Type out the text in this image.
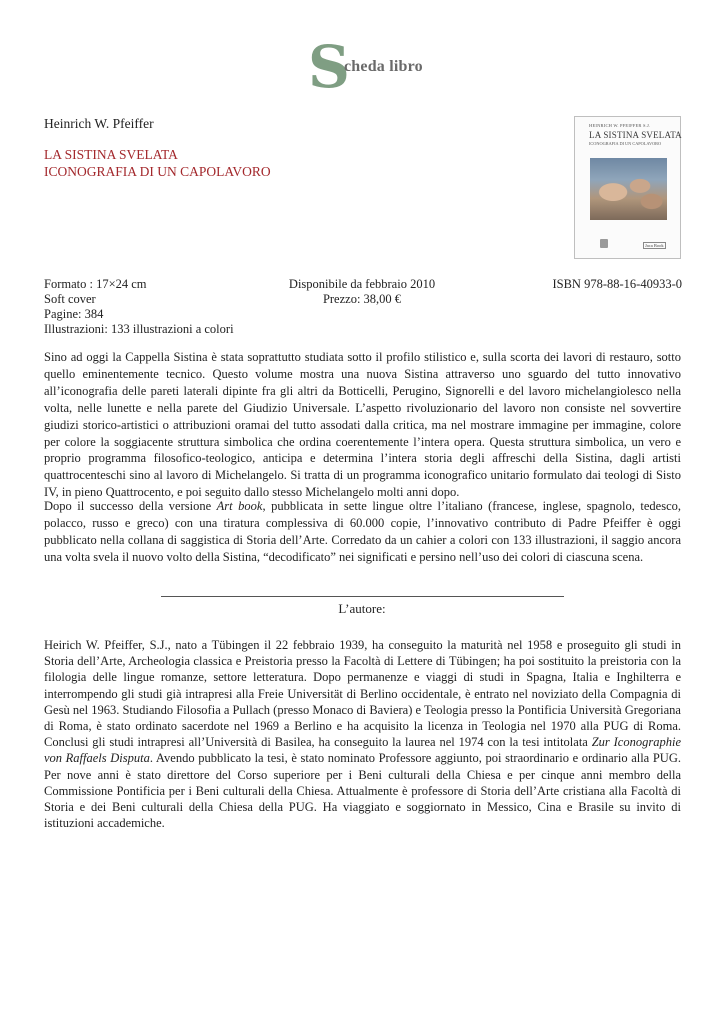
S
cheda libro
Heinrich W. Pfeiffer
LA SISTINA SVELATA
ICONOGRAFIA DI UN CAPOLAVORO
HEINRICH W. PFEIFFER S.J.
LA SISTINA SVELATA
ICONOGRAFIA DI UN CAPOLAVORO
Jaca Book
Formato : 17×24 cm
Soft cover
Pagine: 384
Illustrazioni: 133 illustrazioni a colori
Disponibile da febbraio 2010
Prezzo: 38,00 €
ISBN 978-88-16-40933-0
Sino ad oggi la Cappella Sistina è stata soprattutto studiata sotto il profilo stilistico e, sulla scorta dei lavori di restauro, sotto quello eminentemente tecnico. Questo volume mostra una nuova Sistina attraverso uno sguardo del tutto innovativo all’iconografia delle pareti laterali dipinte fra gli altri da Botticelli, Perugino, Signorelli e del lavoro michelangiolesco nella volta, nelle lunette e nella parete del Giudizio Universale. L’aspetto rivoluzionario del lavoro non consiste nel sovvertire giudizi storico-artistici o attribuzioni oramai del tutto assodati dalla critica, ma nel mostrare immagine per immagine, colore per colore la soggiacente struttura simbolica che ordina coerentemente l’intera opera. Questa struttura simbolica, un vero e proprio programma filosofico-teologico, anticipa e determina l’intera storia degli affreschi della Sistina, dagli artisti quattrocenteschi sino al lavoro di Michelangelo. Si tratta di un programma iconografico unitario formulato dai teologi di Sisto IV, in pieno Quattrocento, e poi seguito dallo stesso Michelangelo molti anni dopo.
Dopo il successo della versione Art book, pubblicata in sette lingue oltre l’italiano (francese, inglese, spagnolo, tedesco, polacco, russo e greco) con una tiratura complessiva di 60.000 copie, l’innovativo contributo di Padre Pfeiffer è oggi pubblicato nella collana di saggistica di Storia dell’Arte. Corredato da un cahier a colori con 133 illustrazioni, il saggio ancora una volta svela il nuovo volto della Sistina, “decodificato” nei significati e persino nell’uso dei colori di ciascuna scena.
L’autore:
Heirich W. Pfeiffer, S.J., nato a Tübingen il 22 febbraio 1939, ha conseguito la maturità nel 1958 e proseguito gli studi in Storia dell’Arte, Archeologia classica e Preistoria presso la Facoltà di Lettere di Tübingen; ha poi sostituito la preistoria con la filologia delle lingue romanze, settore letteratura. Dopo permanenze e viaggi di studi in Spagna, Italia e Inghilterra e interrompendo gli studi già intrapresi alla Freie Universität di Berlino occidentale, è entrato nel noviziato della Compagnia di Gesù nel 1963. Studiando Filosofia a Pullach (presso Monaco di Baviera) e Teologia presso la Pontificia Università Gregoriana di Roma, è stato ordinato sacerdote nel 1969 a Berlino e ha acquisito la licenza in Teologia nel 1970 alla PUG di Roma. Conclusi gli studi intrapresi all’Università di Basilea, ha conseguito la laurea nel 1974 con la tesi intitolata Zur Iconographie von Raffaels Disputa. Avendo pubblicato la tesi, è stato nominato Professore aggiunto, poi straordinario e ordinario alla PUG. Per nove anni è stato direttore del Corso superiore per i Beni culturali della Chiesa e per cinque anni membro della Commissione Pontificia per i Beni culturali della Chiesa. Attualmente è professore di Storia dell’Arte cristiana alla Facoltà di Storia e dei Beni culturali della Chiesa della PUG. Ha viaggiato e soggiornato in Messico, Cina e Brasile su invito di istituzioni accademiche.
